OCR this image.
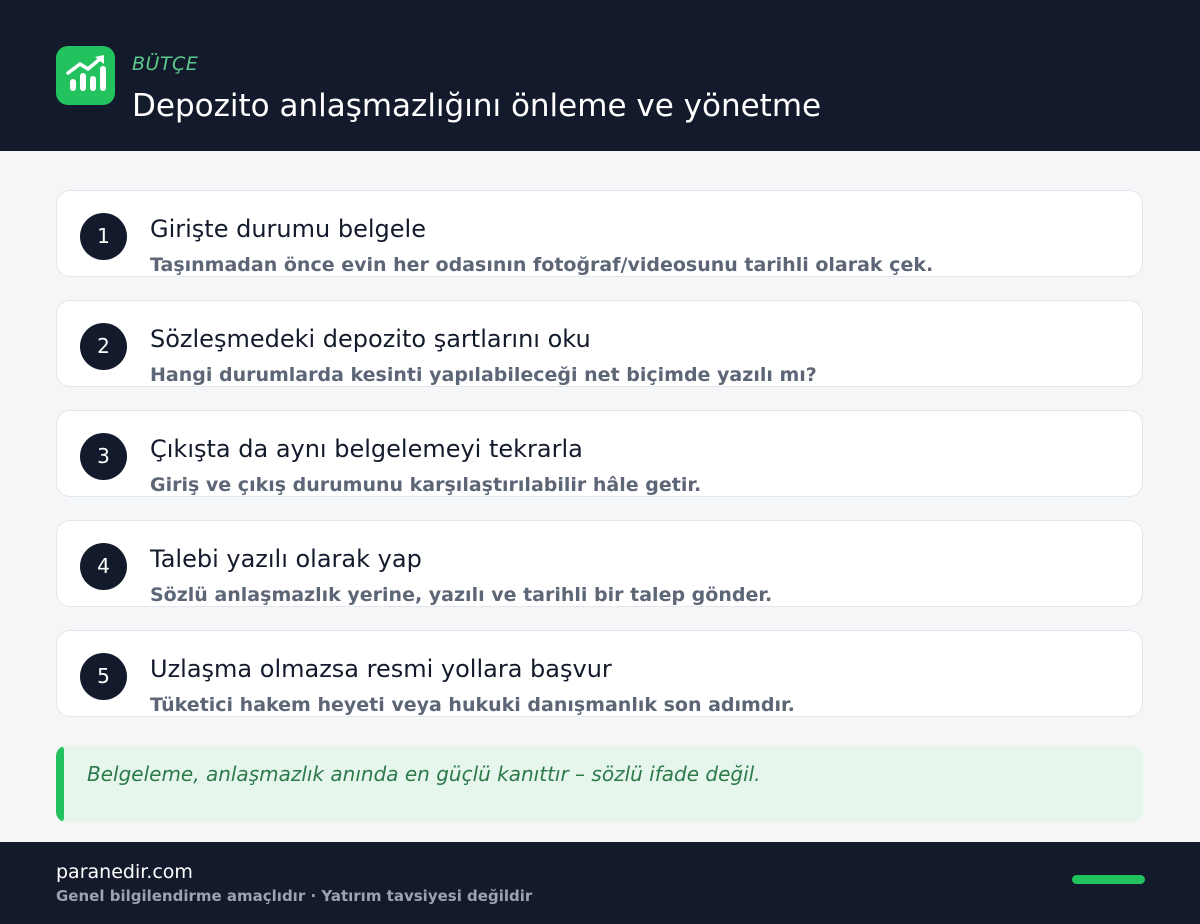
BÜTÇE
Depozito anlaşmazlığını önleme ve yönetme
1	Girişte durumu belgele
Taşınmadan önce evin her odasının fotoğraf/videosunu tarihli olarak çek.
2	Sözleşmedeki depozito şartlarını oku
Hangi durumlarda kesinti yapılabileceği net biçimde yazılı mı?
3	Çıkışta da aynı belgelemeyi tekrarla
Giriş ve çıkış durumunu karşılaştırılabilir hâle getir.
4	Talebi yazılı olarak yap
Sözlü anlaşmazlık yerine, yazılı ve tarihli bir talep gönder.
5	Uzlaşma olmazsa resmi yollara başvur
Tüketici hakem heyeti veya hukuki danışmanlık son adımdır.
Belgeleme, anlaşmazlık anında en güçlü kanıttır – sözlü ifade değil.
paranedir.com
Genel bilgilendirme amaçlıdır · Yatırım tavsiyesi değildir
